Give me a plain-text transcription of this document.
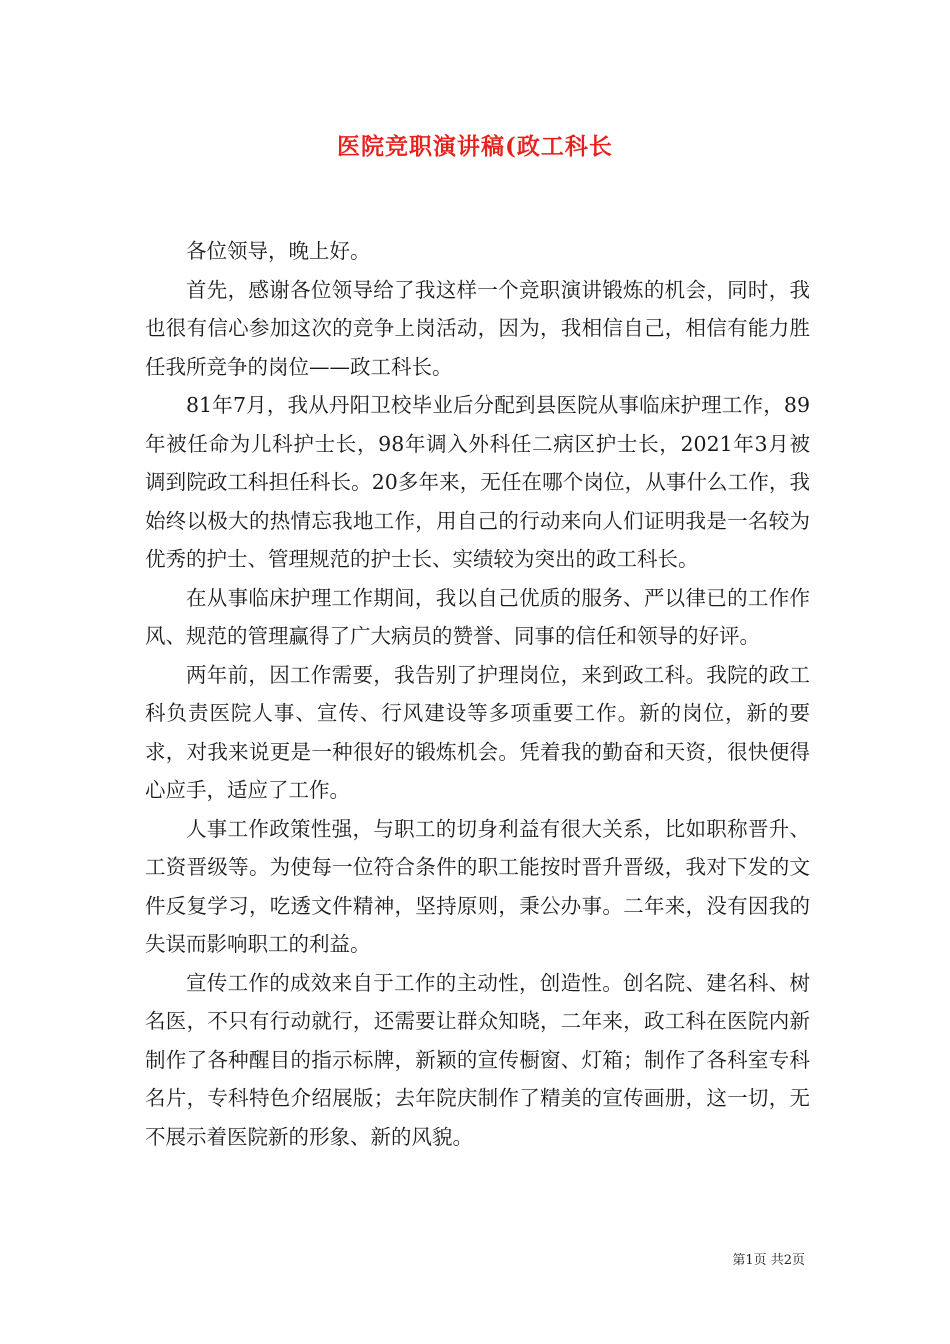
医院竞职演讲稿(政工科长

各位领导，晚上好。

首先，感谢各位领导给了我这样一个竞职演讲锻炼的机会，同时，我也很有信心参加这次的竞争上岗活动，因为，我相信自己，相信有能力胜任我所竞争的岗位——政工科长。

81年7月，我从丹阳卫校毕业后分配到县医院从事临床护理工作，89年被任命为儿科护士长，98年调入外科任二病区护士长，2021年3月被调到院政工科担任科长。20多年来，无任在哪个岗位，从事什么工作，我始终以极大的热情忘我地工作，用自己的行动来向人们证明我是一名较为优秀的护士、管理规范的护士长、实绩较为突出的政工科长。

在从事临床护理工作期间，我以自己优质的服务、严以律已的工作作风、规范的管理赢得了广大病员的赞誉、同事的信任和领导的好评。

两年前，因工作需要，我告别了护理岗位，来到政工科。我院的政工科负责医院人事、宣传、行风建设等多项重要工作。新的岗位，新的要求，对我来说更是一种很好的锻炼机会。凭着我的勤奋和天资，很快便得心应手，适应了工作。

人事工作政策性强，与职工的切身利益有很大关系，比如职称晋升、工资晋级等。为使每一位符合条件的职工能按时晋升晋级，我对下发的文件反复学习，吃透文件精神，坚持原则，秉公办事。二年来，没有因我的失误而影响职工的利益。

宣传工作的成效来自于工作的主动性，创造性。创名院、建名科、树名医，不只有行动就行，还需要让群众知晓，二年来，政工科在医院内新制作了各种醒目的指示标牌，新颖的宣传橱窗、灯箱；制作了各科室专科名片，专科特色介绍展版；去年院庆制作了精美的宣传画册，这一切，无不展示着医院新的形象、新的风貌。

第1页 共2页
